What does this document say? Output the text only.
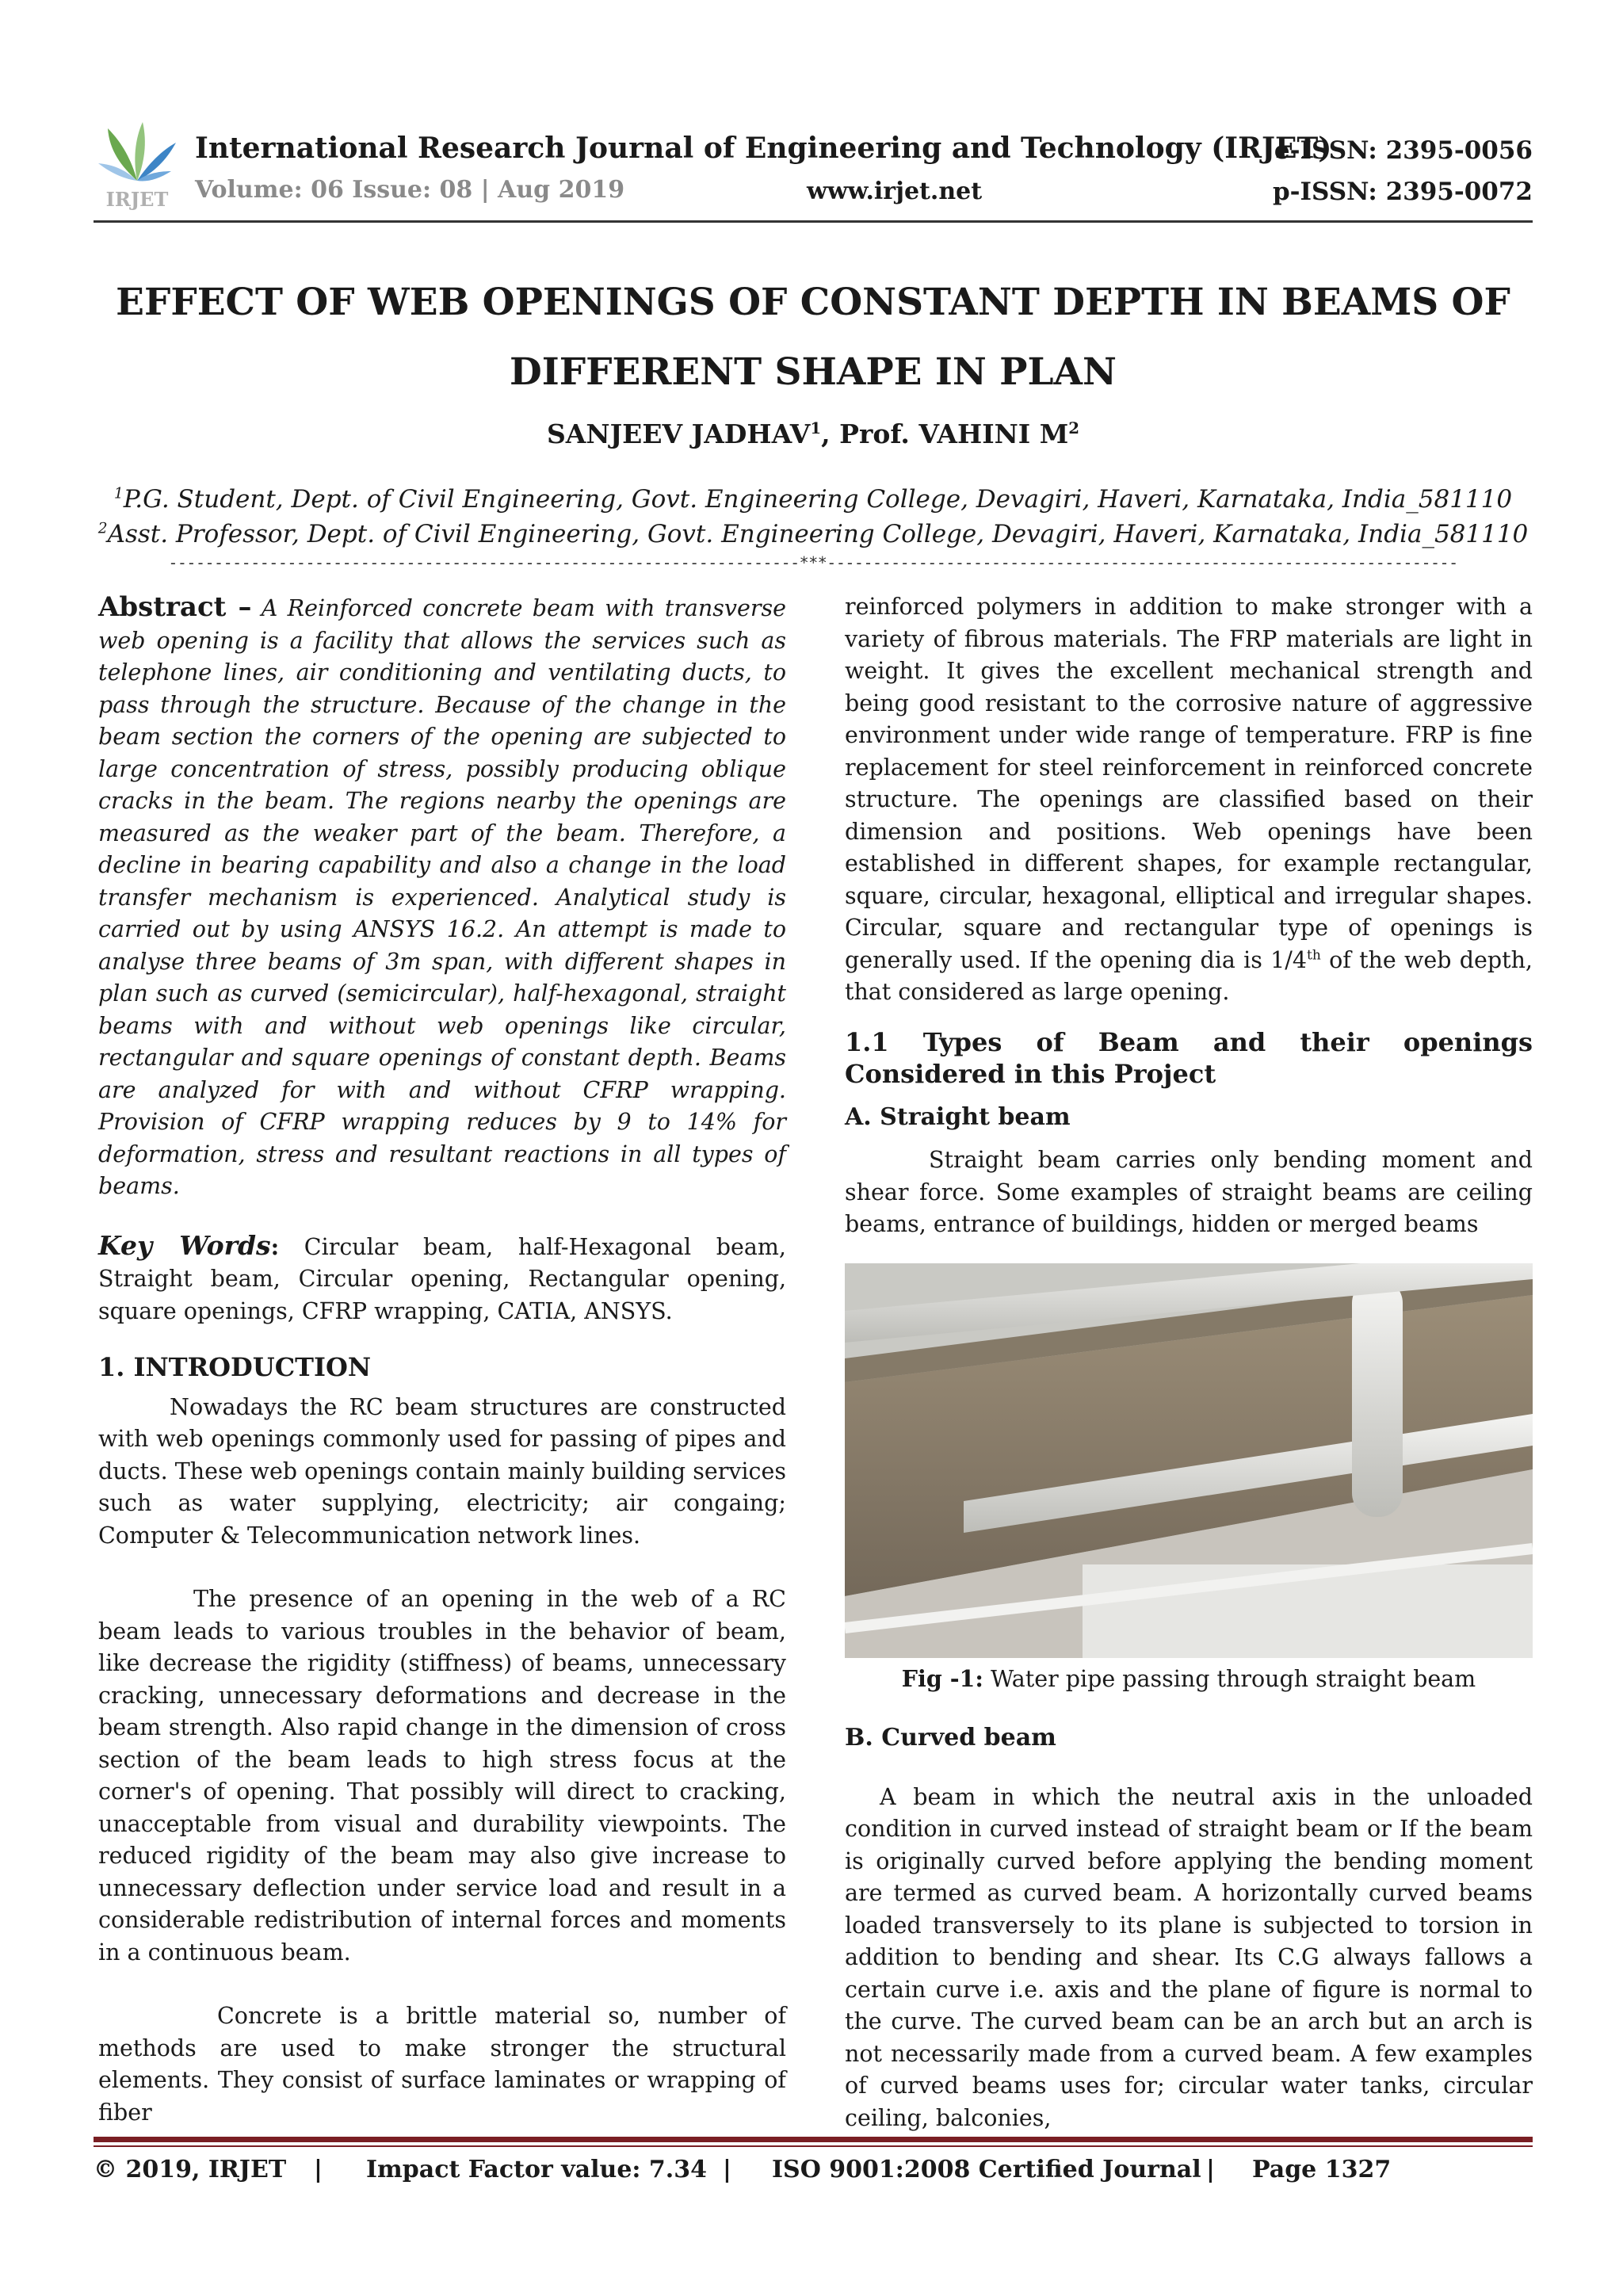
IRJET
International Research Journal of Engineering and Technology (IRJET)
e-ISSN: 2395-0056
Volume: 06 Issue: 08 | Aug 2019	www.irjet.net	p-ISSN: 2395-0072
EFFECT OF WEB OPENINGS OF CONSTANT DEPTH IN BEAMS OF
DIFFERENT SHAPE IN PLAN
SANJEEV JADHAV$^1$, Prof. VAHINI $M^2$
$^1$P.G. Student, Dept. of Civil Engineering, Govt. Engineering College, Devagiri, Haveri, Karnataka, India_581110
$^2$Asst. Professor, Dept. of Civil Engineering, Govt. Engineering College, Devagiri, Haveri, Karnataka, India_581110
---------------------------------------------------------------------***---------------------------------------------------------------------

Abstract – A Reinforced concrete beam with transverse web opening is a facility that allows the services such as telephone lines, air conditioning and ventilating ducts, to pass through the structure. Because of the change in the beam section the corners of the opening are subjected to large concentration of stress, possibly producing oblique cracks in the beam. The regions nearby the openings are measured as the weaker part of the beam. Therefore, a decline in bearing capability and also a change in the load transfer mechanism is experienced. Analytical study is carried out by using ANSYS 16.2. An attempt is made to analyse three beams of 3m span, with different shapes in plan such as curved (semicircular), half-hexagonal, straight beams with and without web openings like circular, rectangular and square openings of constant depth. Beams are analyzed for with and without CFRP wrapping. Provision of CFRP wrapping reduces by 9 to 14% for deformation, stress and resultant reactions in all types of beams.

Key Words: Circular beam, half-Hexagonal beam, Straight beam, Circular opening, Rectangular opening, square openings, CFRP wrapping, CATIA, ANSYS.

1. INTRODUCTION

Nowadays the RC beam structures are constructed with web openings commonly used for passing of pipes and ducts. These web openings contain mainly building services such as water supplying, electricity; air congaing; Computer & Telecommunication network lines.

The presence of an opening in the web of a RC beam leads to various troubles in the behavior of beam, like decrease the rigidity (stiffness) of beams, unnecessary cracking, unnecessary deformations and decrease in the beam strength. Also rapid change in the dimension of cross section of the beam leads to high stress focus at the corner's of opening. That possibly will direct to cracking, unacceptable from visual and durability viewpoints. The reduced rigidity of the beam may also give increase to unnecessary deflection under service load and result in a considerable redistribution of internal forces and moments in a continuous beam.

Concrete is a brittle material so, number of methods are used to make stronger the structural elements. They consist of surface laminates or wrapping of fiber

reinforced polymers in addition to make stronger with a variety of fibrous materials. The FRP materials are light in weight. It gives the excellent mechanical strength and being good resistant to the corrosive nature of aggressive environment under wide range of temperature. FRP is fine replacement for steel reinforcement in reinforced concrete structure. The openings are classified based on their dimension and positions. Web openings have been established in different shapes, for example rectangular, square, circular, hexagonal, elliptical and irregular shapes. Circular, square and rectangular type of openings is generally used. If the opening dia is 1/4th of the web depth, that considered as large opening.

1.1 Types of Beam and their openings Considered in this Project

A. Straight beam

Straight beam carries only bending moment and shear force. Some examples of straight beams are ceiling beams, entrance of buildings, hidden or merged beams

Fig -1: Water pipe passing through straight beam

B. Curved beam

A beam in which the neutral axis in the unloaded condition in curved instead of straight beam or If the beam is originally curved before applying the bending moment are termed as curved beam. A horizontally curved beams loaded transversely to its plane is subjected to torsion in addition to bending and shear. Its C.G always fallows a certain curve i.e. axis and the plane of figure is normal to the curve. The curved beam can be an arch but an arch is not necessarily made from a curved beam. A few examples of curved beams uses for; circular water tanks, circular ceiling, balconies,

© 2019, IRJET | Impact Factor value: 7.34 | ISO 9001:2008 Certified Journal | Page 1327
